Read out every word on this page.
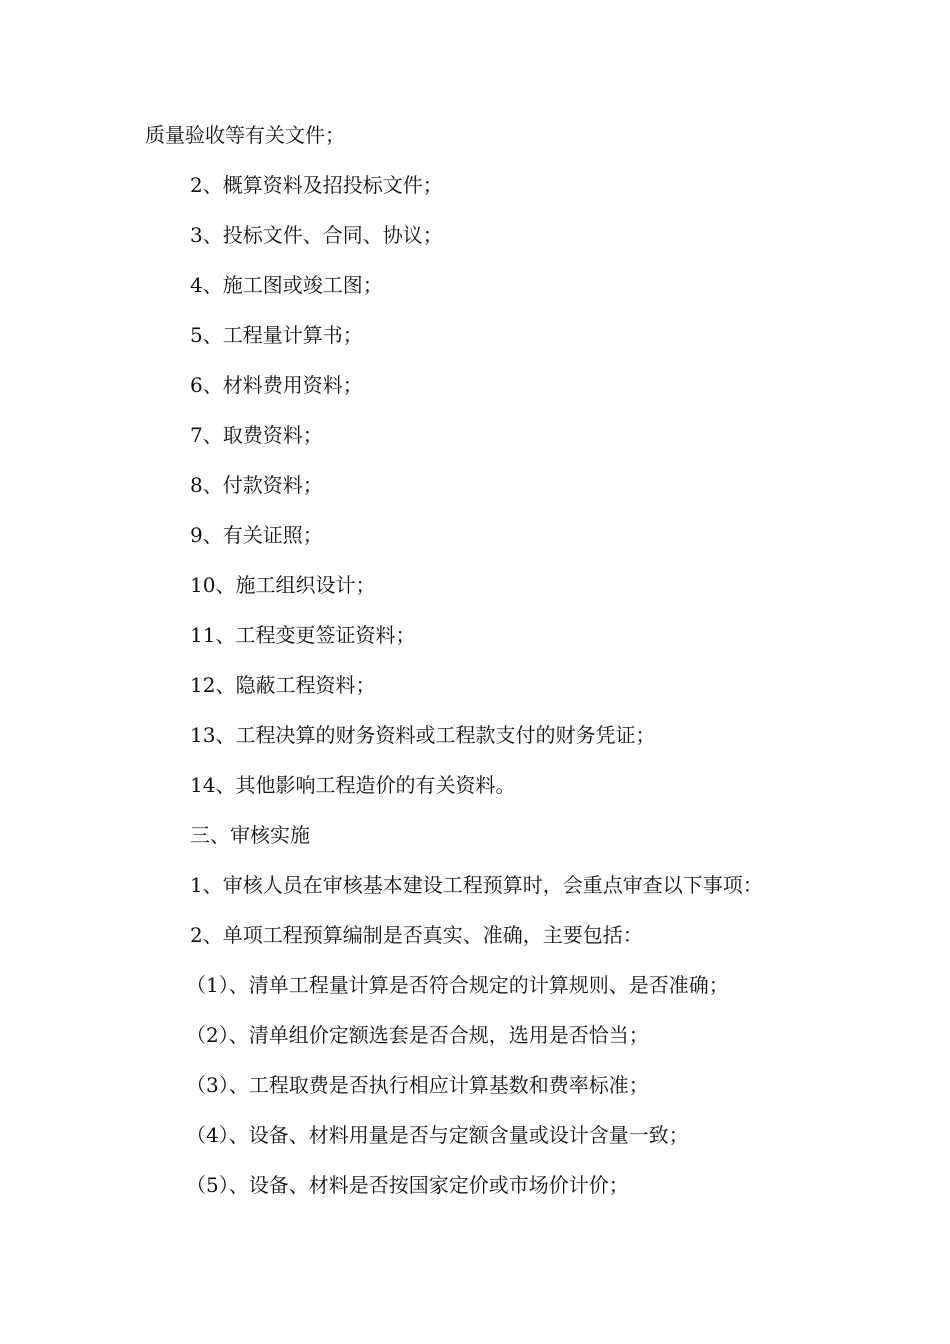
质量验收等有关文件；
2、概算资料及招投标文件；
3、投标文件、合同、协议；
4、施工图或竣工图；
5、工程量计算书；
6、材料费用资料；
7、取费资料；
8、付款资料；
9、有关证照；
10、施工组织设计；
11、工程变更签证资料；
12、隐蔽工程资料；
13、工程决算的财务资料或工程款支付的财务凭证；
14、其他影响工程造价的有关资料。
三、审核实施
1、审核人员在审核基本建设工程预算时，会重点审查以下事项：
2、单项工程预算编制是否真实、准确，主要包括：
（1）、清单工程量计算是否符合规定的计算规则、是否准确；
（2）、清单组价定额选套是否合规，选用是否恰当；
（3）、工程取费是否执行相应计算基数和费率标准；
（4）、设备、材料用量是否与定额含量或设计含量一致；
（5）、设备、材料是否按国家定价或市场价计价；
